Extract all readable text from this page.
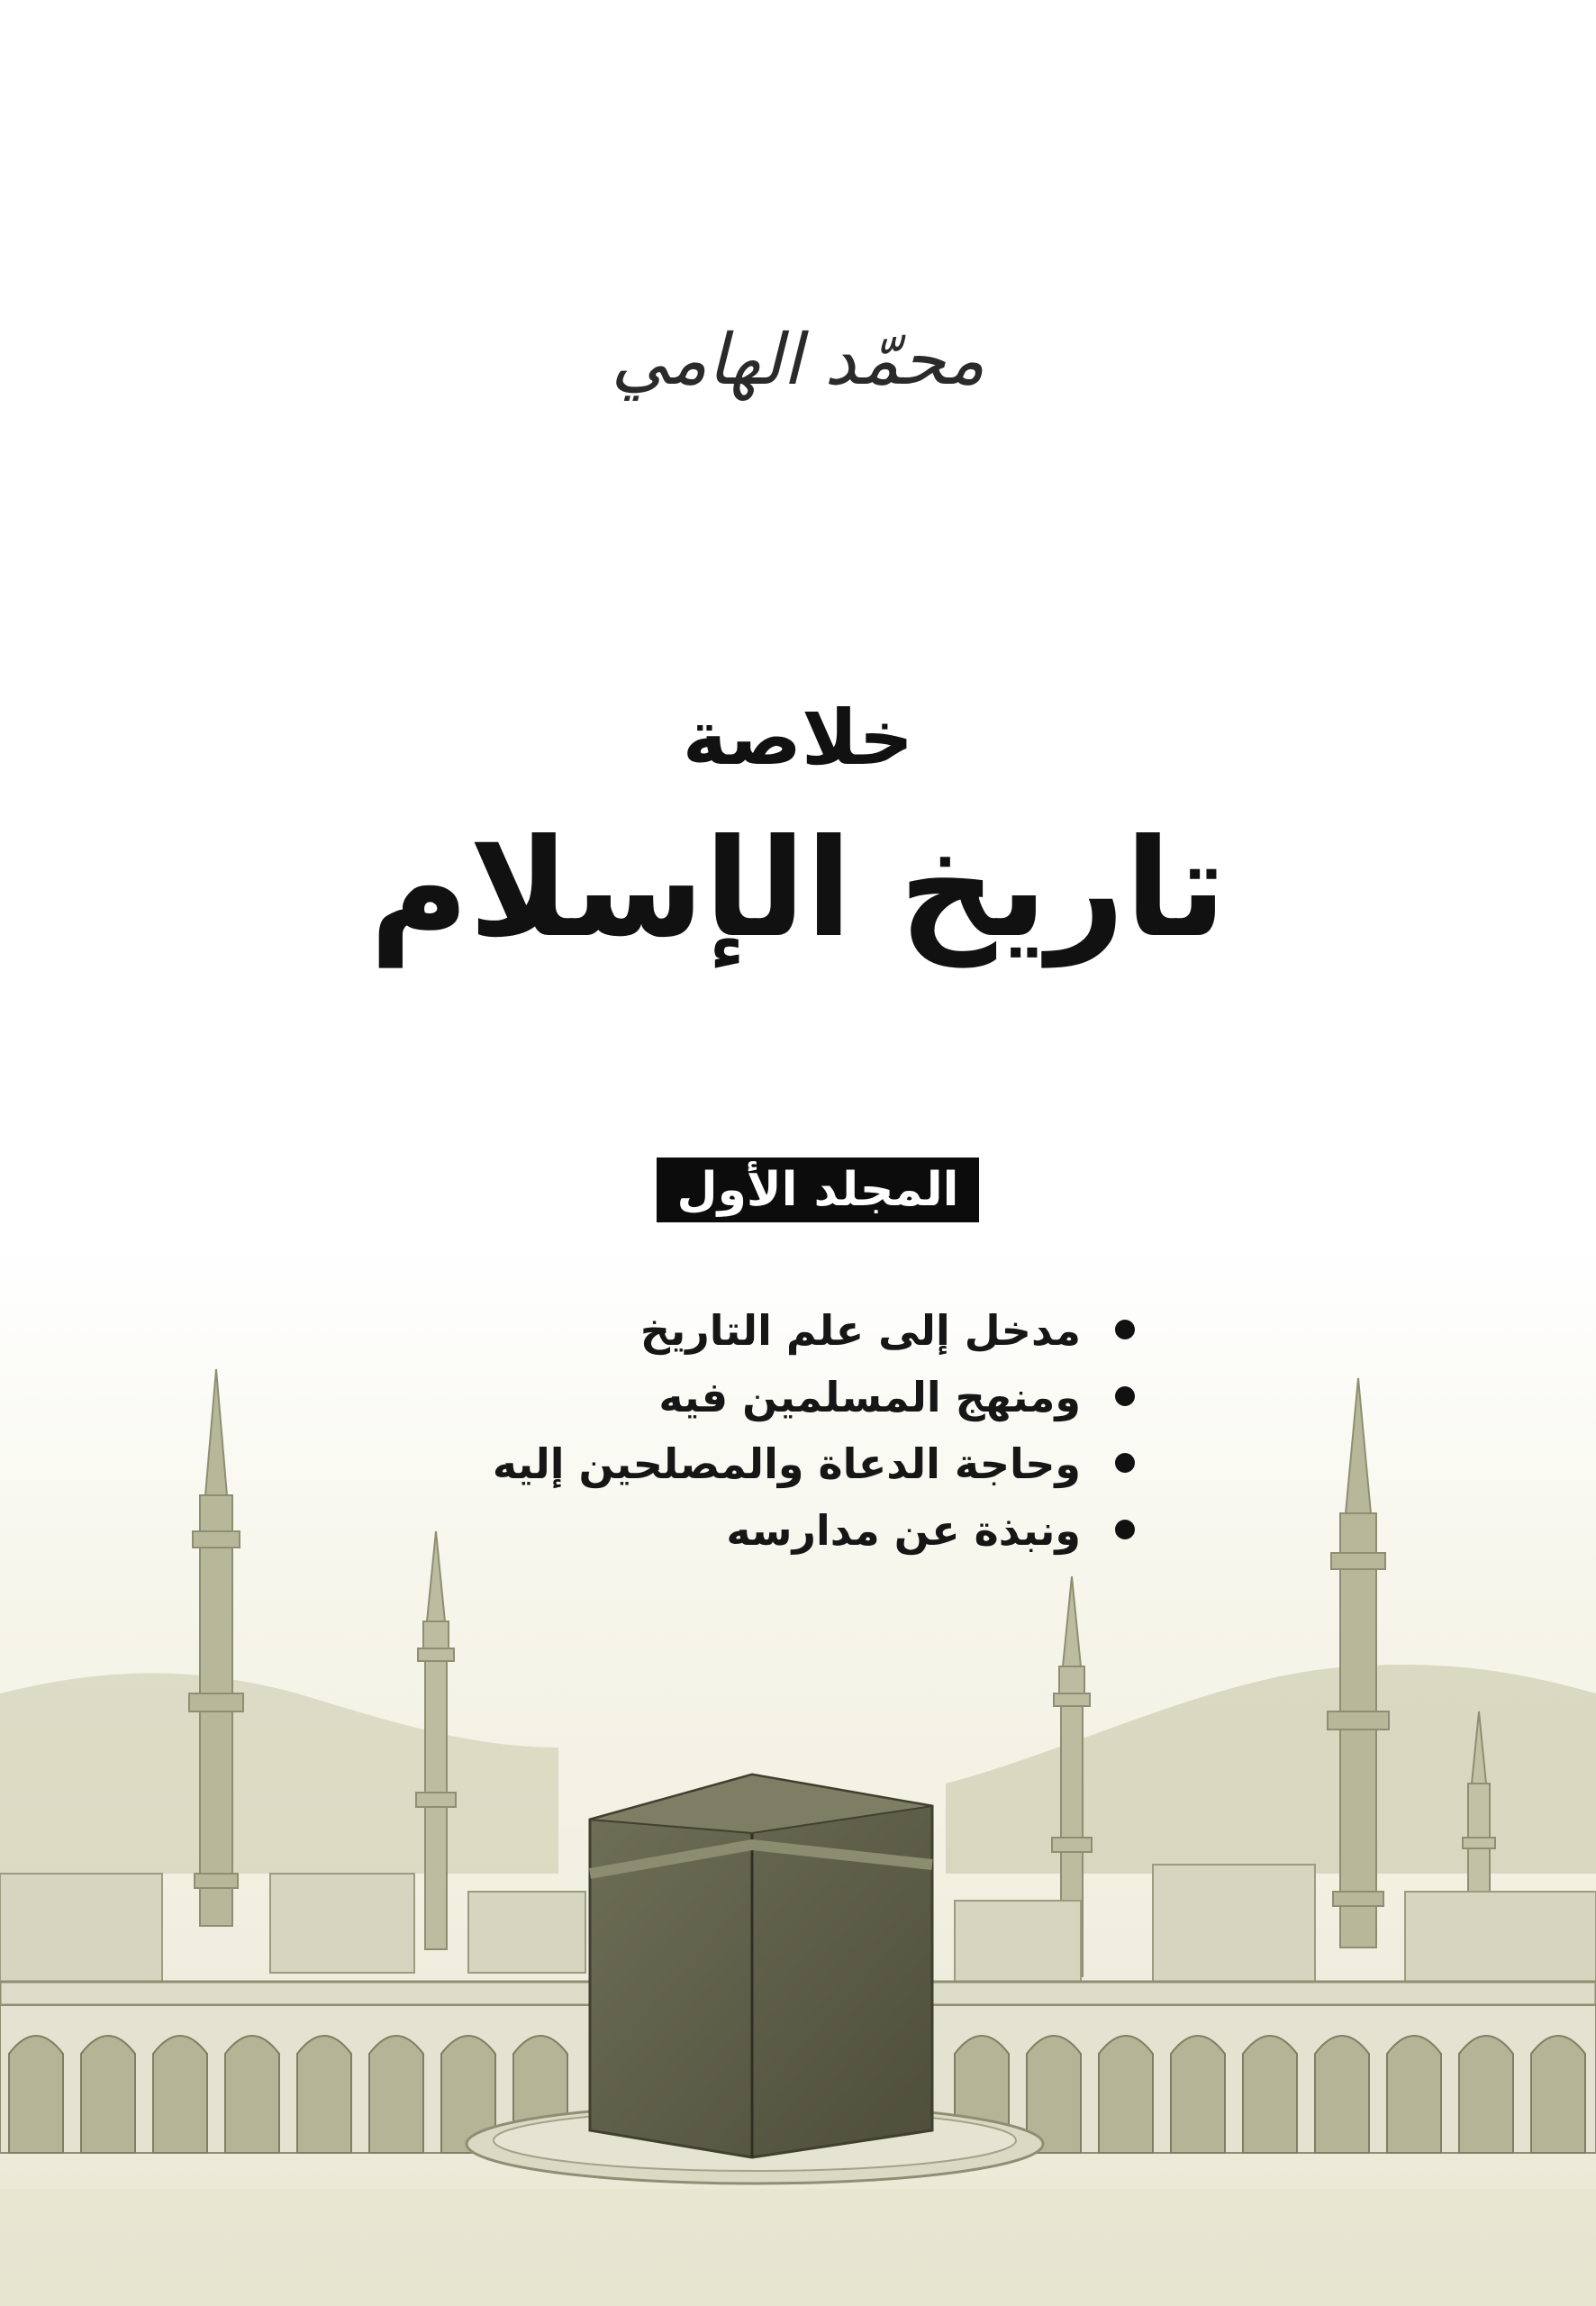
محمّد الهامي
خلاصة
تاريخ الإسلام
المجلد الأول
مدخل إلى علم التاريخ
ومنهج المسلمين فيه
وحاجة الدعاة والمصلحين إليه
ونبذة عن مدارسه
